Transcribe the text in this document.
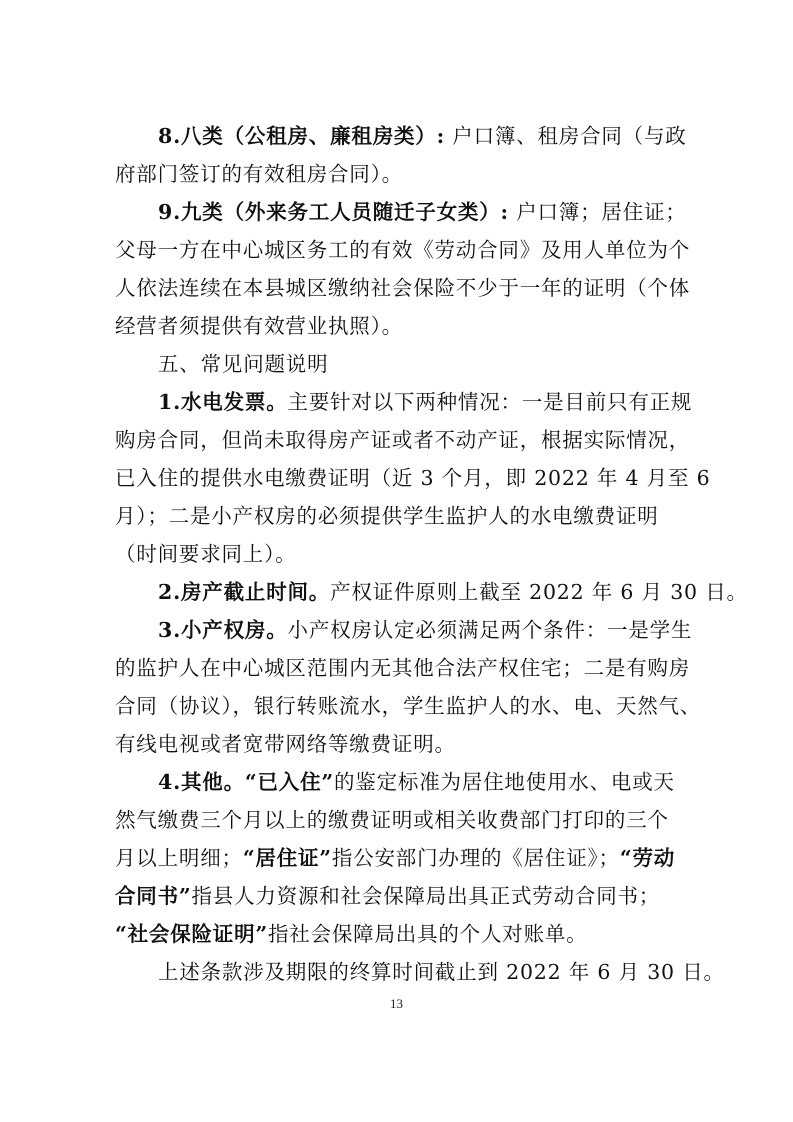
8.八类（公租房、廉租房类）: 户口簿、租房合同（与政
府部门签订的有效租房合同）。
9.九类（外来务工人员随迁子女类）: 户口簿；居住证；
父母一方在中心城区务工的有效《劳动合同》及用人单位为个
人依法连续在本县城区缴纳社会保险不少于一年的证明（个体
经营者须提供有效营业执照）。
五、常见问题说明
1.水电发票。主要针对以下两种情况：一是目前只有正规
购房合同，但尚未取得房产证或者不动产证，根据实际情况，
已入住的提供水电缴费证明（近 3 个月，即 2022 年 4 月至 6
月）；二是小产权房的必须提供学生监护人的水电缴费证明
（时间要求同上）。
2.房产截止时间。产权证件原则上截至 2022 年 6 月 30 日。
3.小产权房。小产权房认定必须满足两个条件：一是学生
的监护人在中心城区范围内无其他合法产权住宅；二是有购房
合同（协议），银行转账流水，学生监护人的水、电、天然气、
有线电视或者宽带网络等缴费证明。
4.其他。“已入住”的鉴定标准为居住地使用水、电或天
然气缴费三个月以上的缴费证明或相关收费部门打印的三个
月以上明细；“居住证”指公安部门办理的《居住证》；“劳动
合同书”指县人力资源和社会保障局出具正式劳动合同书；
“社会保险证明”指社会保障局出具的个人对账单。
上述条款涉及期限的终算时间截止到 2022 年 6 月 30 日。
13
